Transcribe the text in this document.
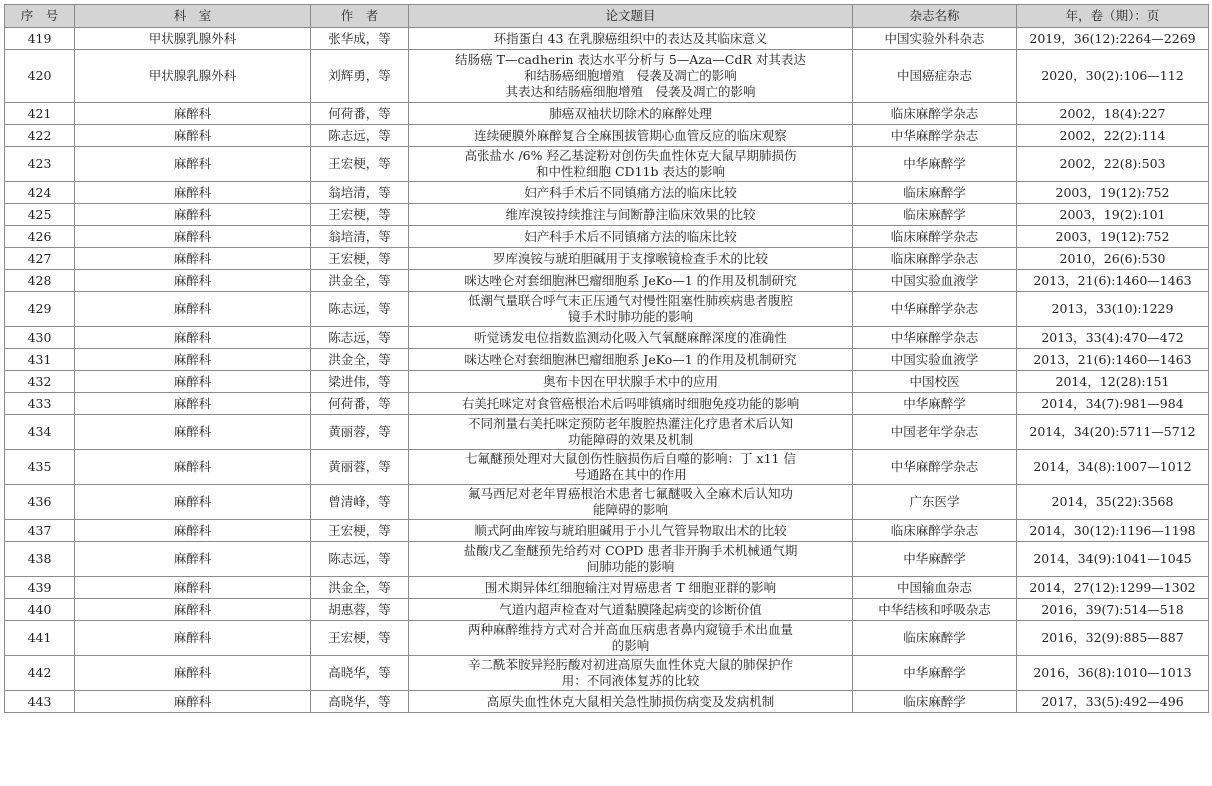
序　号	科　室	作　者	论文题目	杂志名称	年，卷（期）：页
419	甲状腺乳腺外科	张华成，等	环指蛋白 43 在乳腺癌组织中的表达及其临床意义	中国实验外科杂志	2019，36(12):2264—2269
420	甲状腺乳腺外科	刘辉勇，等	结肠癌 T—cadherin 表达水平分析与 5—Aza—CdR 对其表达
和结肠癌细胞增殖　侵袭及凋亡的影响
其表达和结肠癌细胞增殖　侵袭及凋亡的影响	中国癌症杂志	2020，30(2):106—112
421	麻醉科	何荷番，等	肺癌双袖状切除术的麻醉处理	临床麻醉学杂志	2002，18(4):227
422	麻醉科	陈志远，等	连续硬膜外麻醉复合全麻围拔管期心血管反应的临床观察	中华麻醉学杂志	2002，22(2):114
423	麻醉科	王宏梗，等	高张盐水 /6% 羟乙基淀粉对创伤失血性休克大鼠早期肺损伤
和中性粒细胞 CD11b 表达的影响	中华麻醉学	2002，22(8):503
424	麻醉科	翁培清，等	妇产科手术后不同镇痛方法的临床比较	临床麻醉学	2003，19(12):752
425	麻醉科	王宏梗，等	维库溴铵持续推注与间断静注临床效果的比较	临床麻醉学	2003，19(2):101
426	麻醉科	翁培清，等	妇产科手术后不同镇痛方法的临床比较	临床麻醉学杂志	2003，19(12):752
427	麻醉科	王宏梗，等	罗库溴铵与琥珀胆碱用于支撑喉镜检查手术的比较	临床麻醉学杂志	2010，26(6):530
428	麻醉科	洪金全，等	咪达唑仑对套细胞淋巴瘤细胞系 JeKo—1 的作用及机制研究	中国实验血液学	2013，21(6):1460—1463
429	麻醉科	陈志远，等	低潮气量联合呼气末正压通气对慢性阻塞性肺疾病患者腹腔
镜手术时肺功能的影响	中华麻醉学杂志	2013，33(10):1229
430	麻醉科	陈志远，等	听觉诱发电位指数监测动化吸入气氧醚麻醉深度的准确性	中华麻醉学杂志	2013，33(4):470—472
431	麻醉科	洪金全，等	咪达唑仑对套细胞淋巴瘤细胞系 JeKo—1 的作用及机制研究	中国实验血液学	2013，21(6):1460—1463
432	麻醉科	梁进伟，等	奥布卡因在甲状腺手术中的应用	中国校医	2014，12(28):151
433	麻醉科	何荷番，等	右美托咪定对食管癌根治术后吗啡镇痛时细胞免疫功能的影响	中华麻醉学	2014，34(7):981—984
434	麻醉科	黄丽蓉，等	不同剂量右美托咪定预防老年腹腔热灌注化疗患者术后认知
功能障碍的效果及机制	中国老年学杂志	2014，34(20):5711—5712
435	麻醉科	黄丽蓉，等	七氟醚预处理对大鼠创伤性脑损伤后自噬的影响：丁 x11 信
号通路在其中的作用	中华麻醉学杂志	2014，34(8):1007—1012
436	麻醉科	曾清峰，等	氟马西尼对老年胃癌根治术患者七氟醚吸入全麻术后认知功
能障碍的影响	广东医学	2014，35(22):3568
437	麻醉科	王宏梗，等	顺式阿曲库铵与琥珀胆碱用于小儿气管异物取出术的比较	临床麻醉学杂志	2014，30(12):1196—1198
438	麻醉科	陈志远，等	盐酸戊乙奎醚预先给药对 COPD 患者非开胸手术机械通气期
间肺功能的影响	中华麻醉学	2014，34(9):1041—1045
439	麻醉科	洪金全，等	围术期异体红细胞输注对胃癌患者 T 细胞亚群的影响	中国输血杂志	2014，27(12):1299—1302
440	麻醉科	胡惠蓉，等	气道内超声检查对气道黏膜隆起病变的诊断价值	中华结核和呼吸杂志	2016，39(7):514—518
441	麻醉科	王宏梗，等	两种麻醉维持方式对合并高血压病患者鼻内窥镜手术出血量
的影响	临床麻醉学	2016，32(9):885—887
442	麻醉科	高晓华，等	辛二酰苯胺异羟肟酸对初进高原失血性休克大鼠的肺保护作
用：不同液体复苏的比较	中华麻醉学	2016，36(8):1010—1013
443	麻醉科	高晓华，等	高原失血性休克大鼠相关急性肺损伤病变及发病机制	临床麻醉学	2017，33(5):492—496
